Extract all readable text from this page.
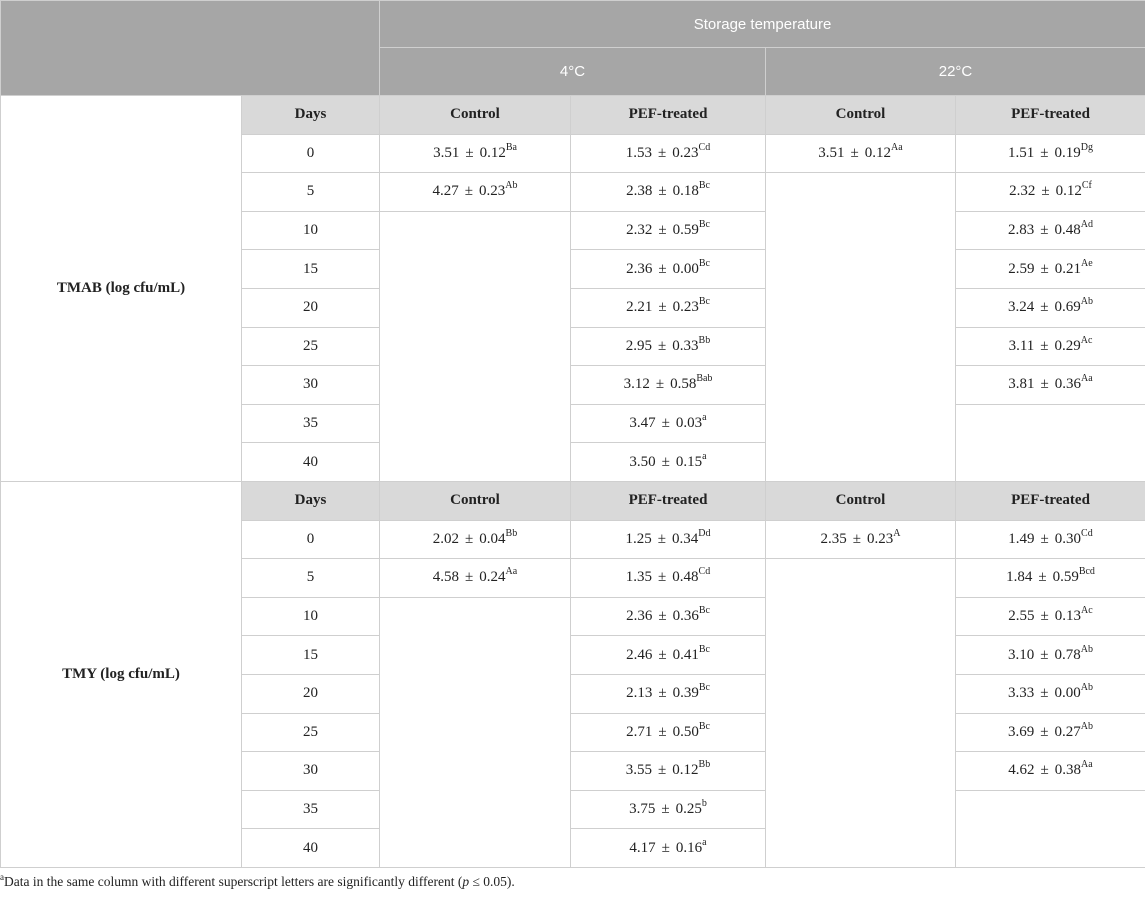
		Storage temperature			
		4°C		22°C	
TMAB (log cfu/mL)	Days	Control	PEF-treated	Control	PEF-treated
	0	$3.51 \pm 0.12^{Ba}$	$1.53 \pm 0.23^{Cd}$	$3.51 \pm 0.12^{Aa}$	$1.51 \pm 0.19^{Dg}$
	5	$4.27 \pm 0.23^{Ab}$	$2.38 \pm 0.18^{Bc}$		$2.32 \pm 0.12^{Cf}$
	10		$2.32 \pm 0.59^{Bc}$		$2.83 \pm 0.48^{Ad}$
	15		$2.36 \pm 0.00^{Bc}$		$2.59 \pm 0.21^{Ae}$
	20		$2.21 \pm 0.23^{Bc}$		$3.24 \pm 0.69^{Ab}$
	25		$2.95 \pm 0.33^{Bb}$		$3.11 \pm 0.29^{Ac}$
	30		$3.12 \pm 0.58^{Bab}$		$3.81 \pm 0.36^{Aa}$
	35		3.47 ± 0.03$^a$	
	40		3.50 ± 0.15$^a$
TMY (log cfu/mL)	Days	Control	PEF-treated	Control	PEF-treated
	0	$2.02 \pm 0.04^{Bb}$	$1.25 \pm 0.34^{Dd}$	$2.35 \pm 0.23^A$	$1.49 \pm 0.30^{Cd}$
	5	$4.58 \pm 0.24^{Aa}$	$1.35 \pm 0.48^{Cd}$		$1.84 \pm 0.59^{Bcd}$
	10		$2.36 \pm 0.36^{Bc}$		$2.55 \pm 0.13^{Ac}$
	15		$2.46 \pm 0.41^{Bc}$		$3.10 \pm 0.78^{Ab}$
	20		$2.13 \pm 0.39^{Bc}$		$3.33 \pm 0.00^{Ab}$
	25		$2.71 \pm 0.50^{Bc}$		$3.69 \pm 0.27^{Ab}$
	30		$3.55 \pm 0.12^{Bb}$		$4.62 \pm 0.38^{Aa}$
	35		3.75 ± 0.25$^b$	
	40		4.17 ± 0.16$^a$
$^a$Data in the same column with different superscript letters are significantly different (p ≤ 0.05).
